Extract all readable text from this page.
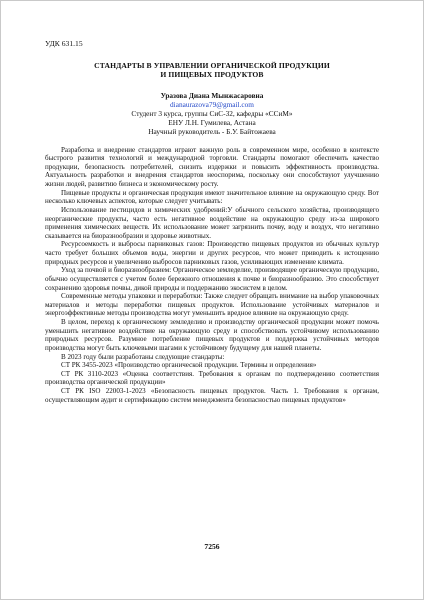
УДК 631.15
СТАНДАРТЫ В УПРАВЛЕНИИ ОРГАНИЧЕСКОЙ ПРОДУКЦИИ
И ПИЩЕВЫХ ПРОДУКТОВ

Уразова Диана Мынжасаровна

dianaurazova79@gmail.com

Студент 3 курса, группы СиС-32, кафедры «ССиМ»

ЕНУ Л.Н. Гумилева, Астана

Научный руководитель - Б.У. Байтожаева

Разработка и внедрение стандартов играют важную роль в современном мире, особенно в контексте быстрого развития технологий и международной торговли. Стандарты помогают обеспечить качество продукции, безопасность потребителей, снизить издержки и повысить эффективность производства. Актуальность разработки и внедрения стандартов неоспорима, поскольку они способствуют улучшению жизни людей, развитию бизнеса и экономическому росту.

Пищевые продукты и органическая продукция имеют значительное влияние на окружающую среду. Вот несколько ключевых аспектов, которые следует учитывать:

Использование пестицидов и химических удобрений:У обычного сельского хозяйства, производящего неорганические продукты, часто есть негативное воздействие на окружающую среду из-за широкого применения химических веществ. Их использование может загрязнить почву, воду и воздух, что негативно сказывается на биоразнообразии и здоровье животных.

Ресурсоемкость и выбросы парниковых газов: Производство пищевых продуктов из обычных культур часто требует больших объемов воды, энергии и других ресурсов, что может приводить к истощению природных ресурсов и увеличению выбросов парниковых газов, усиливающих изменение климата.

Уход за почвой и биоразнообразием: Органическое земледелие, производящее органическую продукцию, обычно осуществляется с учетом более бережного отношения к почве и биоразнообразию. Это способствует сохранению здоровья почвы, дикой природы и поддержанию экосистем в целом.

Современные методы упаковки и переработки: Также следует обращать внимание на выбор упаковочных материалов и методы переработки пищевых продуктов. Использование устойчивых материалов и энергоэффективные методы производства могут уменьшить вредное влияние на окружающую среду.

В целом, переход к органическому земледелию и производству органической продукции может помочь уменьшить негативное воздействие на окружающую среду и способствовать устойчивому использованию природных ресурсов. Разумное потребление пищевых продуктов и поддержка устойчивых методов производства могут быть ключевыми шагами к устойчивому будущему для нашей планеты.

В 2023 году были разработаны следующие стандарты:

СТ РК 3455-2023 «Производство органической продукции. Термины и определения»

СТ РК 3110-2023 «Оценка соответствия. Требования к органам по подтверждению соответствия производства органической продукции»

СТ РК ISO 22003-1-2023 «Безопасность пищевых продуктов. Часть 1. Требования к органам, осуществляющим аудит и сертификацию систем менеджмента безопасностью пищевых продуктов»

7256
